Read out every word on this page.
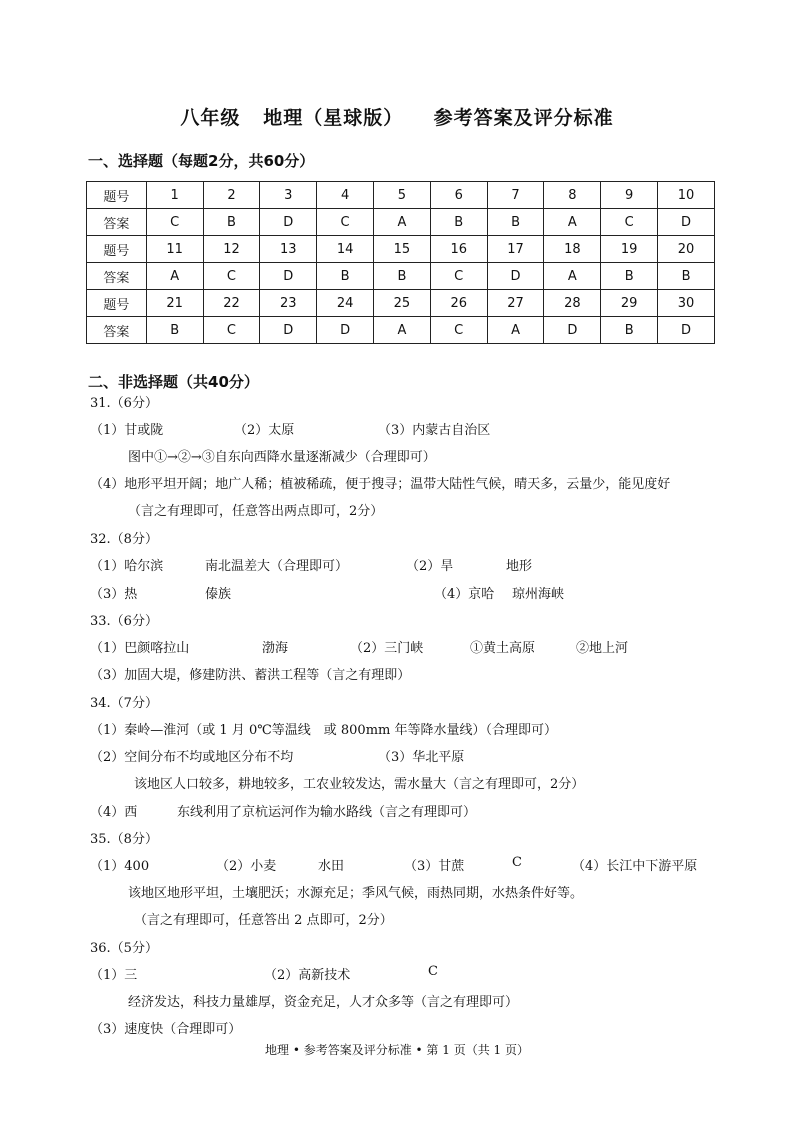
八年级 地理（星球版） 参考答案及评分标准
一、选择题（每题2分，共60分）
题号	1	2	3	4	5	6	7	8	9	10
答案	C	B	D	C	A	B	B	A	C	D
题号	11	12	13	14	15	16	17	18	19	20
答案	A	C	D	B	B	C	D	A	B	B
题号	21	22	23	24	25	26	27	28	29	30
答案	B	C	D	D	A	C	A	D	B	D
二、非选择题（共40分）
31.（6分）
（1）甘或陇	（2）太原	（3）内蒙古自治区
图中①→②→③自东向西降水量逐渐减少（合理即可）
（4）地形平坦开阔；地广人稀；植被稀疏，便于搜寻；温带大陆性气候，晴天多，云量少，能见度好
（言之有理即可，任意答出两点即可，2分）
32.（8分）
（1）哈尔滨	南北温差大（合理即可）	（2）旱	地形
（3）热	傣族	（4）京哈 琼州海峡
33.（6分）
（1）巴颜喀拉山	渤海	（2）三门峡	①黄土高原	②地上河
（3）加固大堤，修建防洪、蓄洪工程等（言之有理即）
34.（7分）
（1）秦岭—淮河（或 1 月 0℃等温线　或 800mm 年等降水量线）（合理即可）
（2）空间分布不均或地区分布不均	（3）华北平原
该地区人口较多，耕地较多，工农业较发达，需水量大（言之有理即可，2分）
（4）西	东线利用了京杭运河作为输水路线（言之有理即可）
35.（8分）
（1）400	（2）小麦	水田	（3）甘蔗	C	（4）长江中下游平原
该地区地形平坦，土壤肥沃；水源充足；季风气候，雨热同期，水热条件好等。
（言之有理即可，任意答出 2 点即可，2分）
36.（5分）
（1）三	（2）高新技术	C
经济发达，科技力量雄厚，资金充足，人才众多等（言之有理即可）
（3）速度快（合理即可）
地理 • 参考答案及评分标准 • 第 1 页（共 1 页）
